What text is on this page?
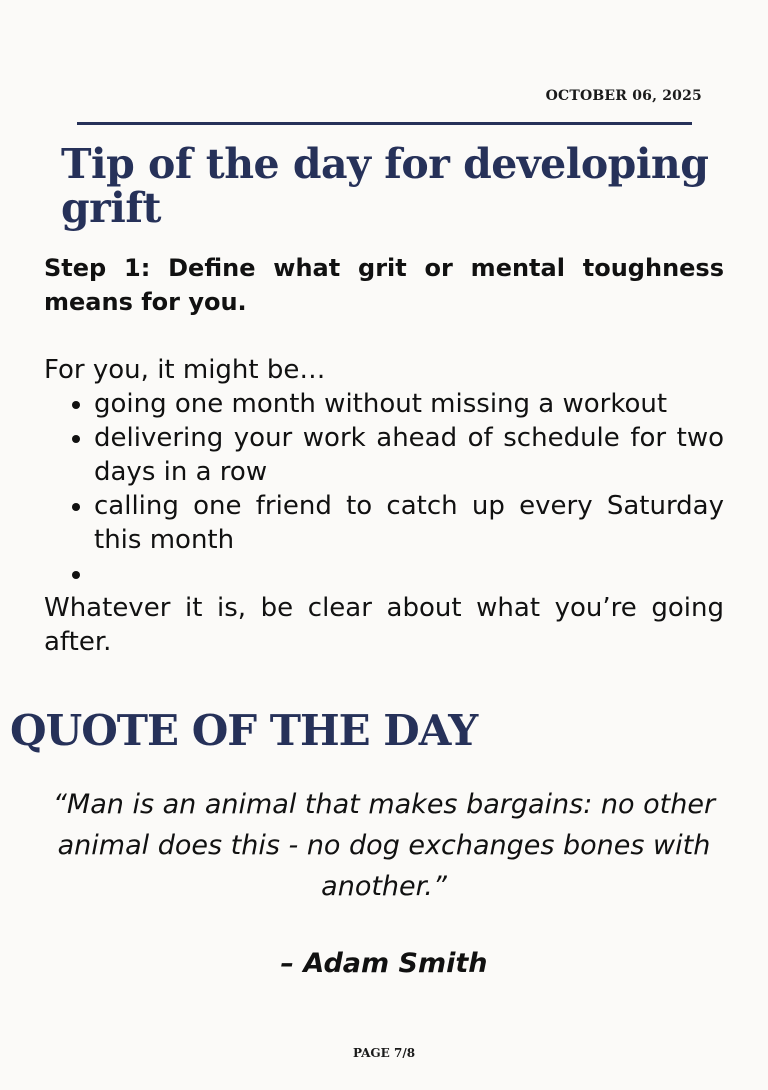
OCTOBER 06, 2025
Tip of the day for developing grift
Step 1: Define what grit or mental toughness means for you.

For you, it might be…

• going one month without missing a workout
• delivering your work ahead of schedule for two days in a row
• calling one friend to catch up every Saturday this month
•

Whatever it is, be clear about what you’re going after.

QUOTE OF THE DAY
“Man is an animal that makes bargains: no other animal does this - no dog exchanges bones with another.”
– Adam Smith
PAGE 7/8
